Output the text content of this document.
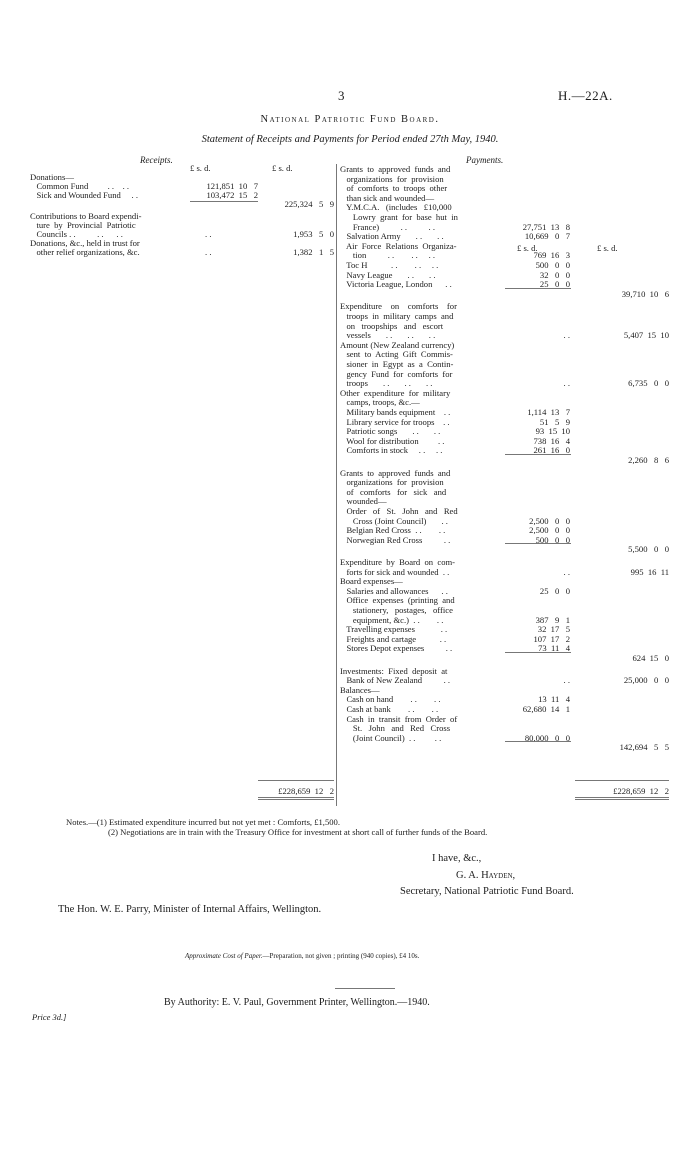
3	H.—22A.
National Patriotic Fund Board.
Statement of Receipts and Payments for Period ended 27th May, 1940.
Receipts.	Payments.
£ s. d.	£ s. d.
£ s. d.	£ s. d.
Donations—
Common Fund         . .    . .	121,851  10   7
Sick and Wounded Fund     . .	103,472  15   2
225,324   5   9
Contributions to Board expendi-
ture  by  Provincial  Patriotic
Councils . .          . .      . .	. .	1,953   5   0
Donations, &c., held in trust for
other relief organizations, &c.	. .	1,382   1   5
Grants  to  approved  funds  and
organizations  for  provision
of  comforts  to  troops  other
than sick and wounded—
Y.M.C.A.   (includes   £10,000
Lowry  grant  for  base  hut  in
France)          . .          . .	27,751  13   8
Salvation Army       . .       . .	10,669   0   7
Air  Force  Relations  Organiza-
tion          . .        . .     . .	769  16   3
Toc H           . .        . .     . .	500   0   0
Navy League       . .       . .	32   0   0
Victoria League, London      . .	25   0   0
39,710  10   6
Expenditure    on    comforts    for
troops  in  military  camps  and
on   troopships   and   escort
vessels       . .       . .       . .	. .	5,407  15  10
Amount (New Zealand currency)
sent  to  Acting  Gift  Commis-
sioner  in  Egypt  as  a  Contin-
gency  Fund  for  comforts  for
troops       . .       . .       . .	. .	6,735   0   0
Other  expenditure  for  military
camps, troops, &c.—
Military bands equipment    . .	1,114  13   7
Library service for troops    . .	51   5   9
Patriotic songs       . .       . .	93  15  10
Wool for distribution         . .	738  16   4
Comforts in stock     . .     . .	261  16   0
2,260   8   6
Grants  to  approved  funds  and
organizations  for  provision
of   comforts   for   sick   and
wounded—
Order   of   St.   John   and   Red
Cross (Joint Council)       . .	2,500   0   0
Belgian Red Cross  . .        . .	2,500   0   0
Norwegian Red Cross          . .	500   0   0
5,500   0   0
Expenditure  by  Board  on  com-
forts for sick and wounded  . .	. .	995  16  11
Board expenses—
Salaries and allowances      . .	25   0   0
Office  expenses  (printing  and
stationery,   postages,   office
equipment, &c.)  . .        . .	387   9   1
Travelling expenses            . .	32  17   5
Freights and cartage           . .	107  17   2
Stores Depot expenses          . .	73  11   4
624  15   0
Investments:  Fixed  deposit  at
Bank of New Zealand          . .	. .	25,000   0   0
Balances—
Cash on hand        . .        . .	13  11   4
Cash at bank        . .        . .	62,680  14   1
Cash  in  transit  from  Order  of
St.   John   and   Red   Cross
(Joint Council)  . .         . .	80,000   0   0
142,694   5   5
£228,659  12   2	£228,659  12   2
Notes.—(1) Estimated expenditure incurred but not yet met : Comforts, £1,500.
(2) Negotiations are in train with the Treasury Office for investment at short call of further funds of the Board.
I have, &c.,
G. A. Hayden,
Secretary, National Patriotic Fund Board.
The Hon. W. E. Parry, Minister of Internal Affairs, Wellington.
Approximate Cost of Paper.—Preparation, not given ; printing (940 copies), £4 10s.
By Authority: E. V. Paul, Government Printer, Wellington.—1940.
Price 3d.]
